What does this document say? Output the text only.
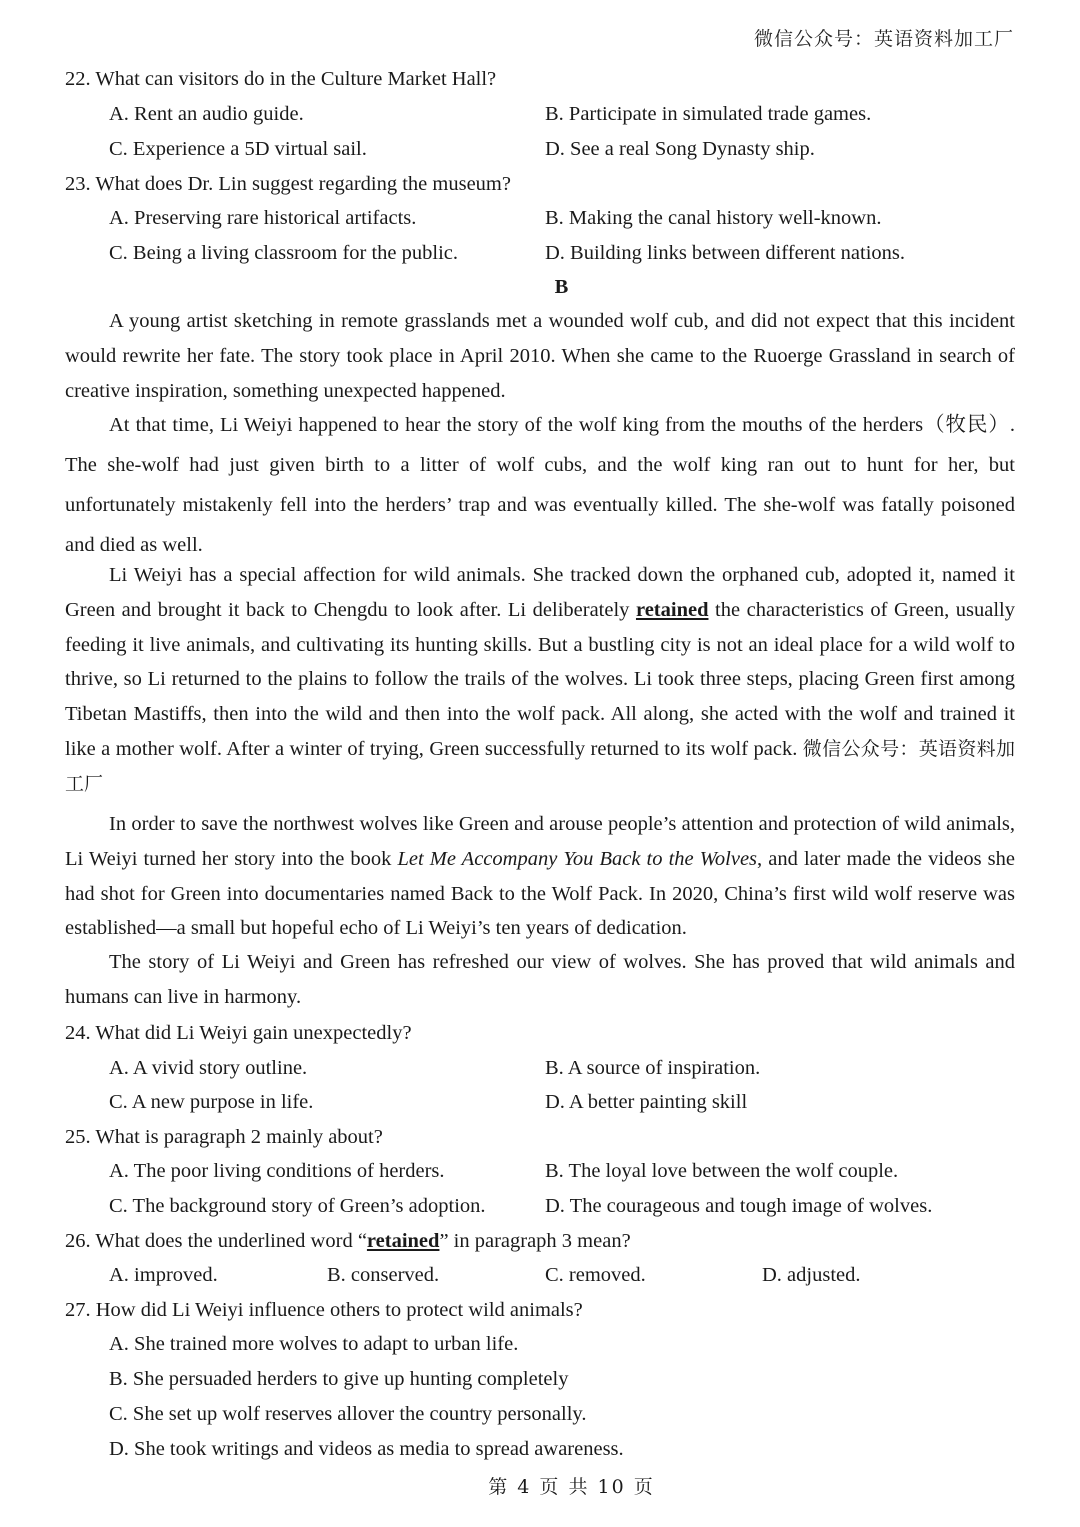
微信公众号：英语资料加工厂
22. What can visitors do in the Culture Market Hall?
A. Rent an audio guide.	B. Participate in simulated trade games.
C. Experience a 5D virtual sail.	D. See a real Song Dynasty ship.
23. What does Dr. Lin suggest regarding the museum?
A. Preserving rare historical artifacts.	B. Making the canal history well-known.
C. Being a living classroom for the public.	D. Building links between different nations.
B
A young artist sketching in remote grasslands met a wounded wolf cub, and did not expect that this incident would rewrite her fate. The story took place in April 2010. When she came to the Ruoerge Grassland in search of creative inspiration, something unexpected happened.
At that time, Li Weiyi happened to hear the story of the wolf king from the mouths of the herders（牧民）. The she-wolf had just given birth to a litter of wolf cubs, and the wolf king ran out to hunt for her, but unfortunately mistakenly fell into the herders’ trap and was eventually killed. The she-wolf was fatally poisoned and died as well.
Li Weiyi has a special affection for wild animals. She tracked down the orphaned cub, adopted it, named it Green and brought it back to Chengdu to look after. Li deliberately retained the characteristics of Green, usually feeding it live animals, and cultivating its hunting skills. But a bustling city is not an ideal place for a wild wolf to thrive, so Li returned to the plains to follow the trails of the wolves. Li took three steps, placing Green first among Tibetan Mastiffs, then into the wild and then into the wolf pack. All along, she acted with the wolf and trained it like a mother wolf. After a winter of trying, Green successfully returned to its wolf pack. 微信公众号：英语资料加工厂
In order to save the northwest wolves like Green and arouse people’s attention and protection of wild animals, Li Weiyi turned her story into the book Let Me Accompany You Back to the Wolves, and later made the videos she had shot for Green into documentaries named Back to the Wolf Pack. In 2020, China’s first wild wolf reserve was established—a small but hopeful echo of Li Weiyi’s ten years of dedication.
The story of Li Weiyi and Green has refreshed our view of wolves. She has proved that wild animals and humans can live in harmony.
24. What did Li Weiyi gain unexpectedly?
A. A vivid story outline.	B. A source of inspiration.
C. A new purpose in life.	D. A better painting skill
25. What is paragraph 2 mainly about?
A. The poor living conditions of herders.	B. The loyal love between the wolf couple.
C. The background story of Green’s adoption.	D. The courageous and tough image of wolves.
26. What does the underlined word “retained” in paragraph 3 mean?
A. improved.	B. conserved.	C. removed.	D. adjusted.
27. How did Li Weiyi influence others to protect wild animals?
A. She trained more wolves to adapt to urban life.
B. She persuaded herders to give up hunting completely
C. She set up wolf reserves allover the country personally.
D. She took writings and videos as media to spread awareness.
第 4 页 共 10 页
